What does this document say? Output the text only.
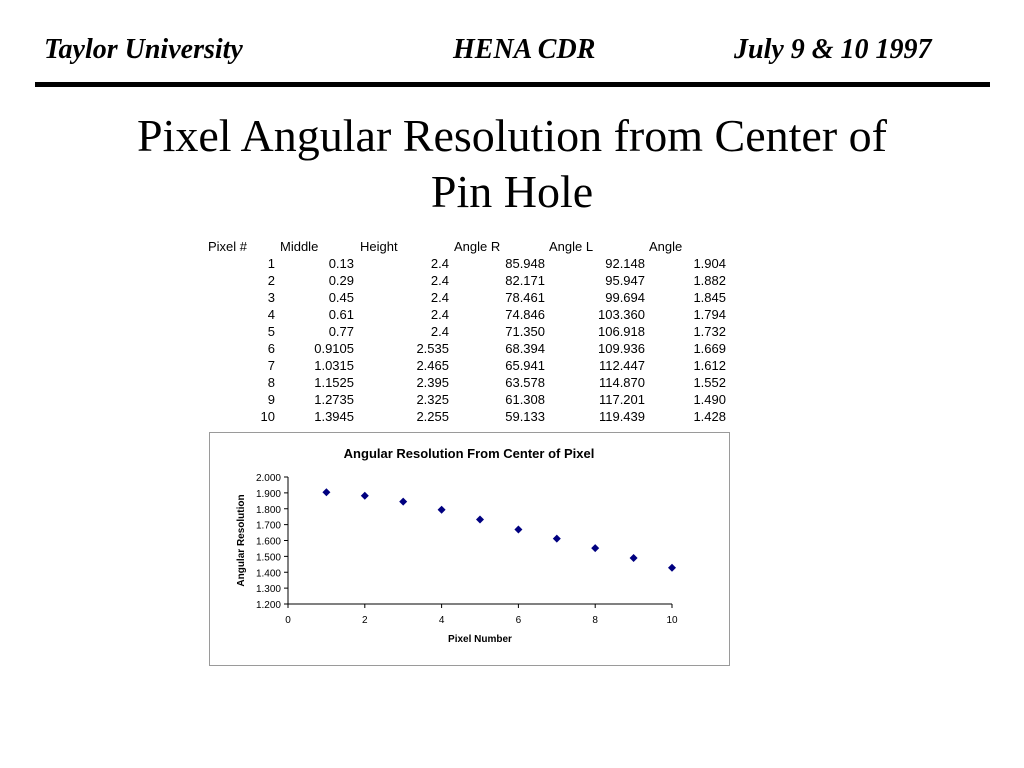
Taylor University	HENA CDR	July 9 & 10 1997
Pixel Angular Resolution from Center of
Pin Hole
Pixel #	Middle	Height	Angle R	Angle L	Angle
1	0.13	2.4	85.948	92.148	1.904
2	0.29	2.4	82.171	95.947	1.882
3	0.45	2.4	78.461	99.694	1.845
4	0.61	2.4	74.846	103.360	1.794
5	0.77	2.4	71.350	106.918	1.732
6	0.9105	2.535	68.394	109.936	1.669
7	1.0315	2.465	65.941	112.447	1.612
8	1.1525	2.395	63.578	114.870	1.552
9	1.2735	2.325	61.308	117.201	1.490
10	1.3945	2.255	59.133	119.439	1.428
Angular Resolution From Center of Pixel
1.200
1.300
1.400
1.500
1.600
1.700
1.800
1.900
2.000
0	2	4	6	8	10
Pixel Number
Angular Resolution
